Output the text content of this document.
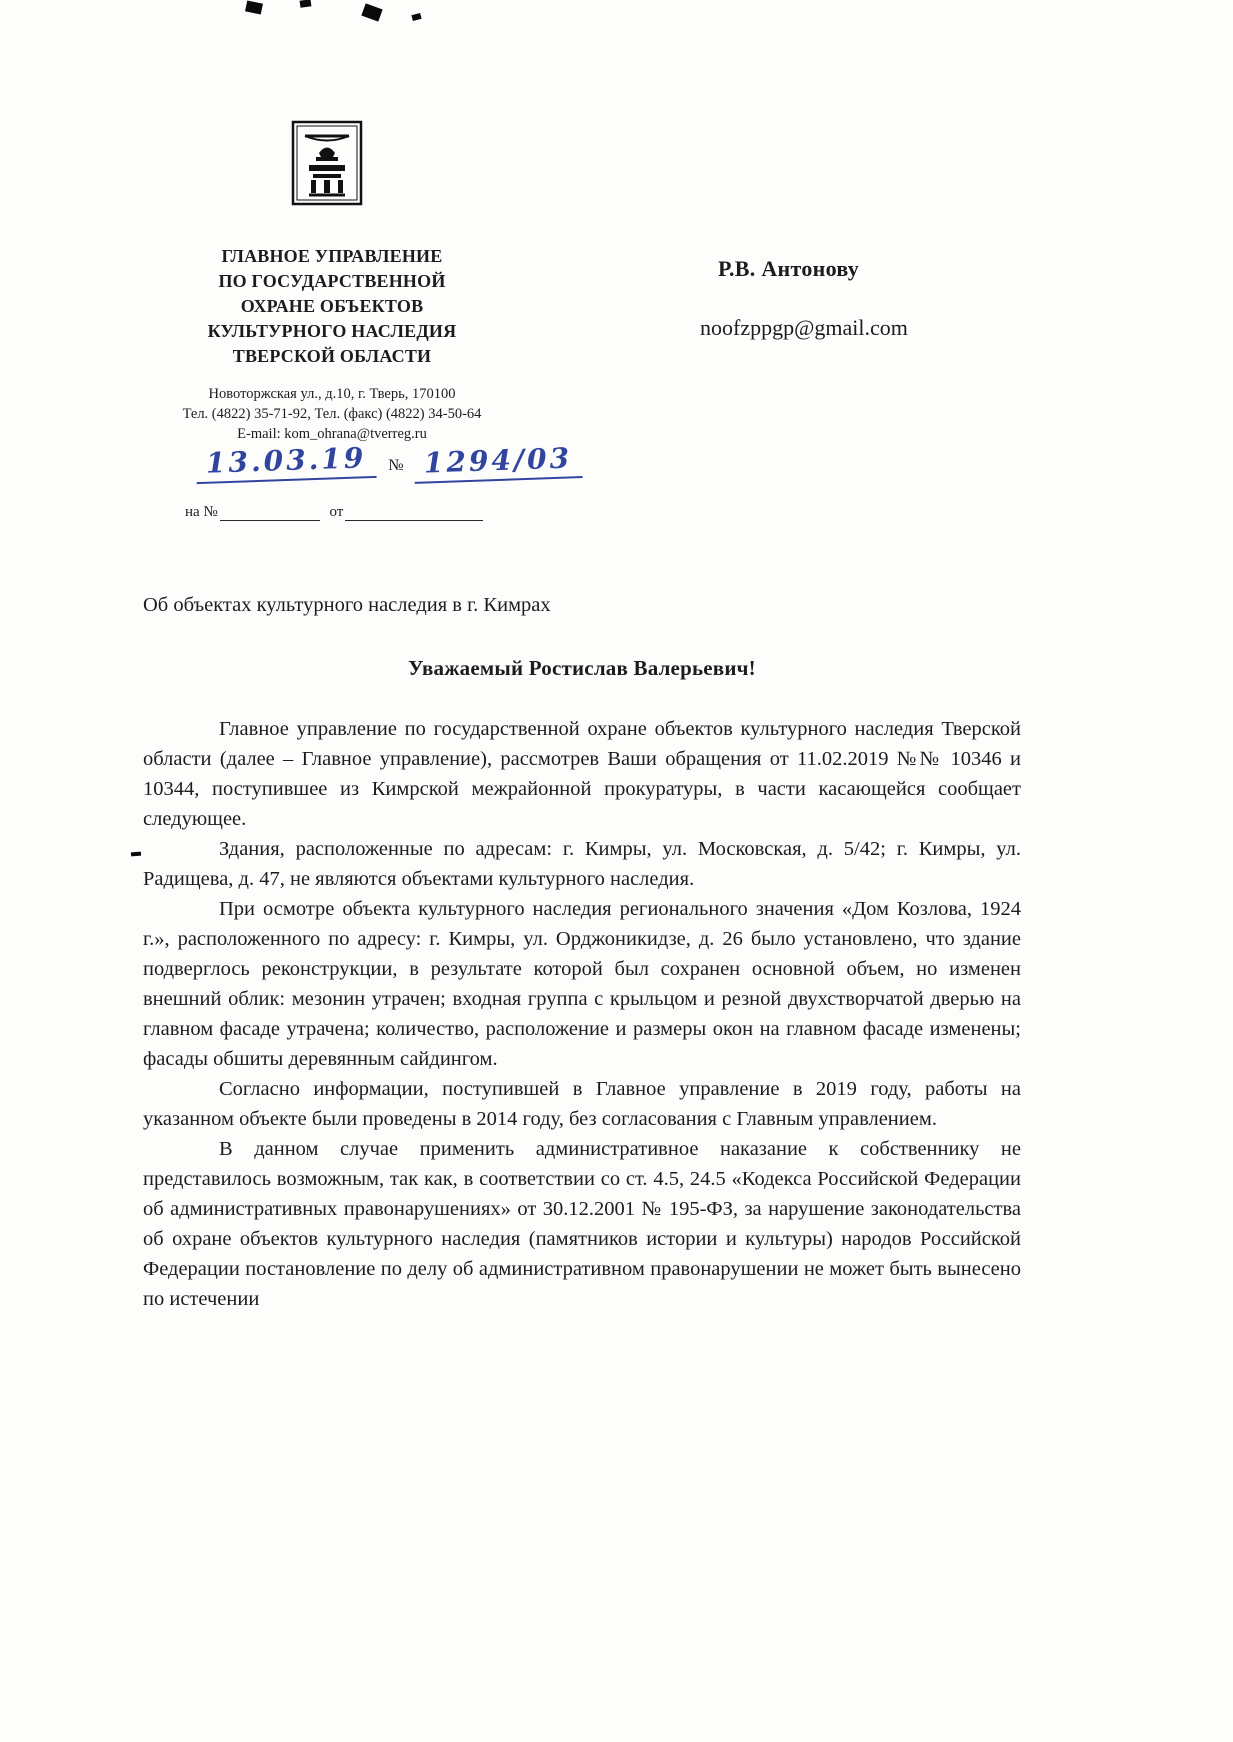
ГЛАВНОЕ УПРАВЛЕНИЕ
ПО ГОСУДАРСТВЕННОЙ
ОХРАНЕ ОБЪЕКТОВ
КУЛЬТУРНОГО НАСЛЕДИЯ
ТВЕРСКОЙ ОБЛАСТИ
Новоторжская ул., д.10, г. Тверь, 170100
Тел. (4822) 35-71-92, Тел. (факс) (4822) 34-50-64
E-mail: kom_ohrana@tverreg.ru
13.03.19	№ 1294/03
на №	от
Р.В. Антонову
noofzppgp@gmail.com
Об объектах культурного наследия в г. Кимрах
Уважаемый Ростислав Валерьевич!

Главное управление по государственной охране объектов культурного наследия Тверской области (далее – Главное управление), рассмотрев Ваши обращения от 11.02.2019 №№ 10346 и 10344, поступившее из Кимрской межрайонной прокуратуры, в части касающейся сообщает следующее.

Здания, расположенные по адресам: г. Кимры, ул. Московская, д. 5/42; г. Кимры, ул. Радищева, д. 47, не являются объектами культурного наследия.

При осмотре объекта культурного наследия регионального значения «Дом Козлова, 1924 г.», расположенного по адресу: г. Кимры, ул. Орджоникидзе, д. 26 было установлено, что здание подверглось реконструкции, в результате которой был сохранен основной объем, но изменен внешний облик: мезонин утрачен; входная группа с крыльцом и резной двухстворчатой дверью на главном фасаде утрачена; количество, расположение и размеры окон на главном фасаде изменены; фасады обшиты деревянным сайдингом.

Согласно информации, поступившей в Главное управление в 2019 году, работы на указанном объекте были проведены в 2014 году, без согласования с Главным управлением.

В данном случае применить административное наказание к собственнику не представилось возможным, так как, в соответствии со ст. 4.5, 24.5 «Кодекса Российской Федерации об административных правонарушениях» от 30.12.2001 № 195-ФЗ, за нарушение законодательства об охране объектов культурного наследия (памятников истории и культуры) народов Российской Федерации постановление по делу об административном правонарушении не может быть вынесено по истечении
